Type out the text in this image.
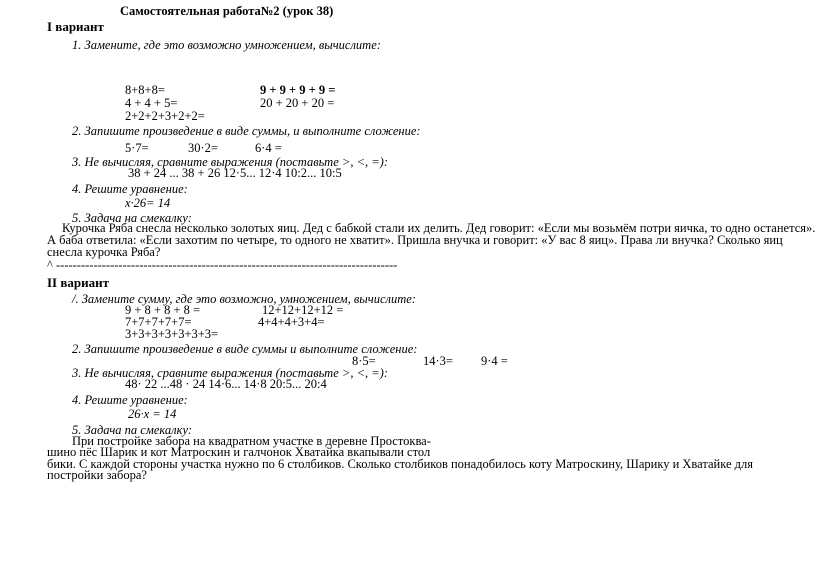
Самостоятельная работа№2 (урок 38)
I вариант
1. Замените, где это возможно умножением, вычислите:
8+8+8=	9 + 9 + 9 + 9 =
4 + 4 + 5=	20 + 20 + 20 =
2+2+2+3+2+2=
2. Запишите произведение в виде суммы, и выполните сложение:
5·7=	30·2=	6·4 =
3. Не вычисляя, сравните выражения (поставьте >, <, =):
38 + 24 ... 38 + 26 12·5... 12·4 10:2... 10:5
4. Решите уравнение:
х·26= 14
5. Задача на смекалку:
Курочка Ряба снесла несколько золотых яиц. Дед с бабкой стали их делить. Дед говорит: «Если мы возьмём потри яичка, то одно останется».
А баба ответила: «Если захотим по четыре, то одного не хватит». Пришла внучка и говорит: «У вас 8 яиц». Права ли внучка? Сколько яиц
снесла курочка Ряба?
^ ----------------------------------------------------------------------------------
II вариант
/. Замените сумму, где это возможно, умножением, вычислите:
9 + 8 + 8 + 8 =	12+12+12+12 =
7+7+7+7+7=	4+4+4+3+4=
3+3+3+3+3+3+3=
2. Запишите произведение в виде суммы и выполните сложение:
8·5=	14·3= 9·4 =
3. Не вычисляя, сравните выражения (поставьте >, <, =):
48· 22 ...48 · 24 14·6... 14·8 20:5... 20:4
4. Решите уравнение:
26·х = 14
5. Задача па смекалку:
При постройке забора на квадратном участке в деревне Простоква-
шино пёс Шарик и кот Матроскин и галчонок Хватайка вкапывали стол
бики. С каждой стороны участка нужно по 6 столбиков. Сколько столбиков понадобилось коту Матроскину, Шарику и Хватайке для
постройки забора?
